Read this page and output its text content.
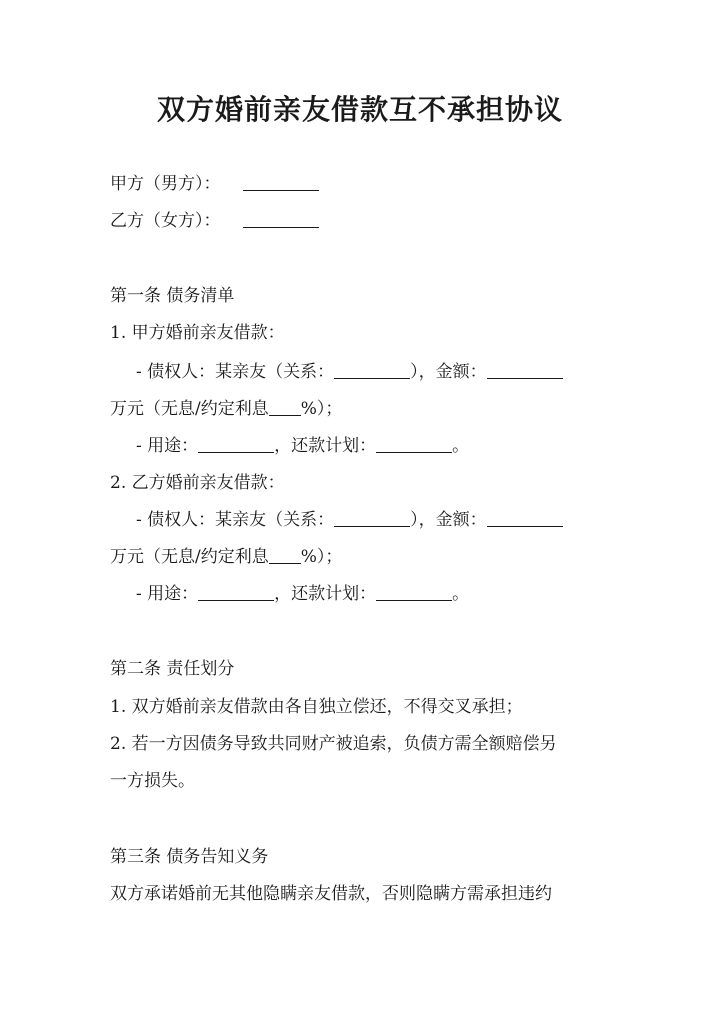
双方婚前亲友借款互不承担协议
甲方（男方）：
乙方（女方）：
第一条 债务清单
1. 甲方婚前亲友借款：
- 债权人：某亲友（关系：	），金额：
万元（无息/约定利息 %）；
- 用途：	，还款计划：	。
2. 乙方婚前亲友借款：
- 债权人：某亲友（关系：	），金额：
万元（无息/约定利息 %）；
- 用途：	，还款计划：	。
第二条 责任划分
1. 双方婚前亲友借款由各自独立偿还，不得交叉承担；
2. 若一方因债务导致共同财产被追索，负债方需全额赔偿另
一方损失。
第三条 债务告知义务
双方承诺婚前无其他隐瞒亲友借款，否则隐瞒方需承担违约
